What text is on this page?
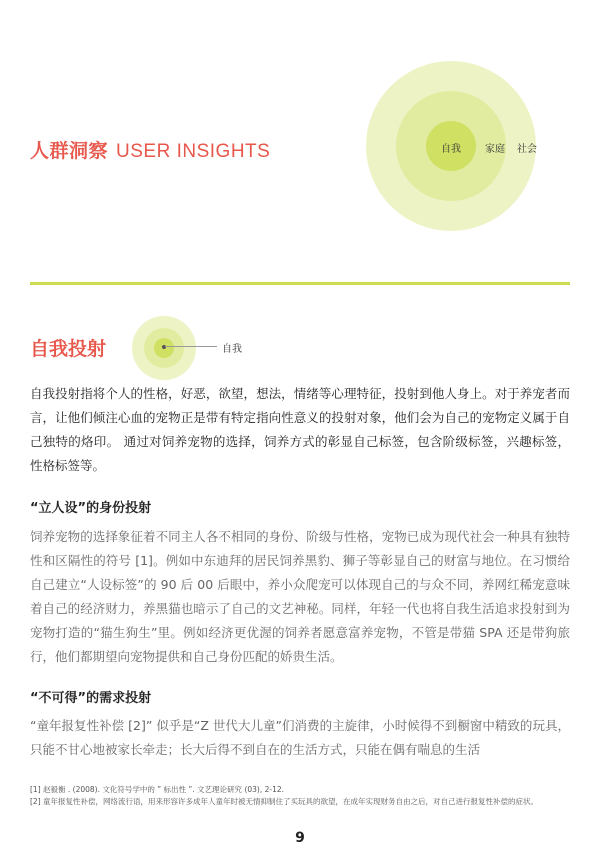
人群洞察 USER INSIGHTS	自我 家庭 社会
自我投射	自我
自我投射指将个人的性格，好恶，欲望，想法，情绪等心理特征，投射到他人身上。对于养宠者而言，让他们倾注心血的宠物正是带有特定指向性意义的投射对象，他们会为自己的宠物定义属于自己独特的烙印。 通过对饲养宠物的选择，饲养方式的彰显自己标签，包含阶级标签，兴趣标签，性格标签等。
“立人设”的身份投射
饲养宠物的选择象征着不同主人各不相同的身份、阶级与性格，宠物已成为现代社会一种具有独特性和区隔性的符号 [1]。例如中东迪拜的居民饲养黑豹、狮子等彰显自己的财富与地位。在习惯给自己建立“人设标签”的 90 后 00 后眼中，养小众爬宠可以体现自己的与众不同，养网红稀宠意味着自己的经济财力，养黑猫也暗示了自己的文艺神秘。同样，年轻一代也将自我生活追求投射到为宠物打造的“猫生狗生”里。例如经济更优渥的饲养者愿意富养宠物，不管是带猫 SPA 还是带狗旅行，他们都期望向宠物提供和自己身份匹配的娇贵生活。
“不可得”的需求投射
“童年报复性补偿 [2]” 似乎是“Z 世代大儿童”们消费的主旋律，小时候得不到橱窗中精致的玩具，只能不甘心地被家长牵走；长大后得不到自在的生活方式，只能在偶有喘息的生活
[1] 赵毅衡 . (2008). 文化符号学中的 ” 标出性 ”. 文艺理论研究 (03), 2-12.
[2] 童年报复性补偿，网络流行语，用来形容许多成年人童年时被无情抑制住了买玩具的欲望，在成年实现财务自由之后，对自己进行报复性补偿的症状。
9
